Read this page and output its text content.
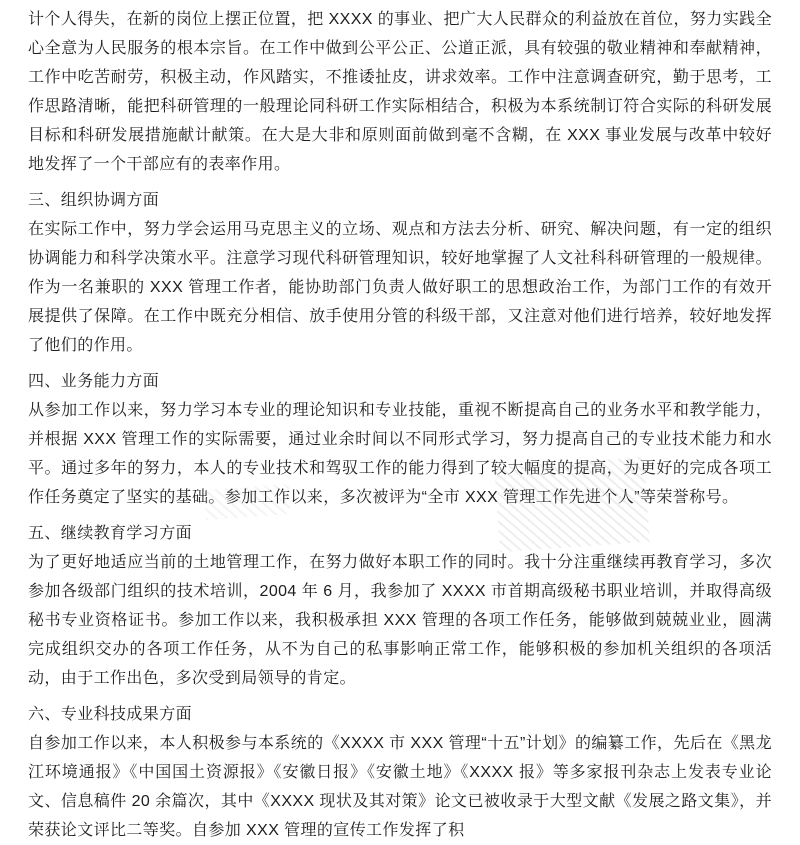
计个人得失，在新的岗位上摆正位置，把 XXXX 的事业、把广大人民群众的利益放在首位，努力实践全心全意为人民服务的根本宗旨。在工作中做到公平公正、公道正派，具有较强的敬业精神和奉献精神，工作中吃苦耐劳，积极主动，作风踏实，不推诿扯皮，讲求效率。工作中注意调查研究，勤于思考，工作思路清晰，能把科研管理的一般理论同科研工作实际相结合，积极为本系统制订符合实际的科研发展目标和科研发展措施献计献策。在大是大非和原则面前做到毫不含糊，在 XXX 事业发展与改革中较好地发挥了一个干部应有的表率作用。
三、组织协调方面
在实际工作中，努力学会运用马克思主义的立场、观点和方法去分析、研究、解决问题，有一定的组织协调能力和科学决策水平。注意学习现代科研管理知识，较好地掌握了人文社科科研管理的一般规律。作为一名兼职的 XXX 管理工作者，能协助部门负责人做好职工的思想政治工作，为部门工作的有效开展提供了保障。在工作中既充分相信、放手使用分管的科级干部，又注意对他们进行培养，较好地发挥了他们的作用。
四、业务能力方面
从参加工作以来，努力学习本专业的理论知识和专业技能，重视不断提高自己的业务水平和教学能力，并根据 XXX 管理工作的实际需要，通过业余时间以不同形式学习，努力提高自己的专业技术能力和水平。通过多年的努力，本人的专业技术和驾驭工作的能力得到了较大幅度的提高，为更好的完成各项工作任务奠定了坚实的基础。参加工作以来，多次被评为“全市 XXX 管理工作先进个人”等荣誉称号。
五、继续教育学习方面
为了更好地适应当前的土地管理工作，在努力做好本职工作的同时。我十分注重继续再教育学习，多次参加各级部门组织的技术培训，2004 年 6 月，我参加了 XXXX 市首期高级秘书职业培训，并取得高级秘书专业资格证书。参加工作以来，我积极承担 XXX 管理的各项工作任务，能够做到兢兢业业，圆满完成组织交办的各项工作任务，从不为自己的私事影响正常工作，能够积极的参加机关组织的各项活动，由于工作出色，多次受到局领导的肯定。
六、专业科技成果方面
自参加工作以来，本人积极参与本系统的《XXXX 市 XXX 管理“十五”计划》的编纂工作，先后在《黑龙江环境通报》《中国国土资源报》《安徽日报》《安徽土地》《XXXX 报》等多家报刊杂志上发表专业论文、信息稿件 20 余篇次，其中《XXXX 现状及其对策》论文已被收录于大型文献《发展之路文集》，并荣获论文评比二等奖。自参加 XXX 管理的宣传工作发挥了积
